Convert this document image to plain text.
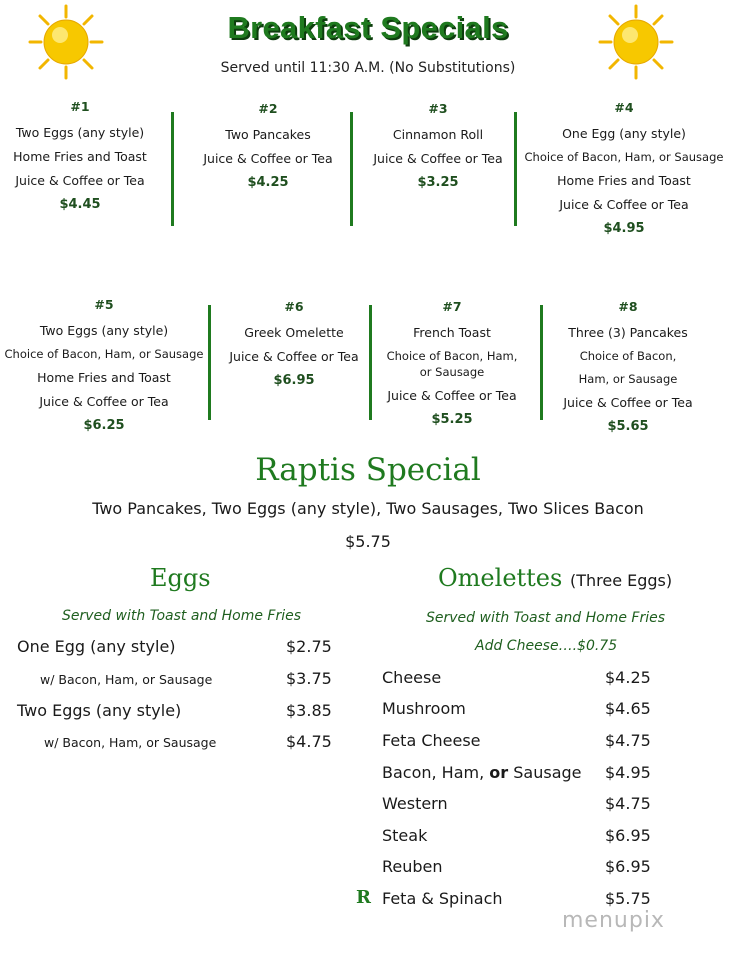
Breakfast Specials
Served until 11:30 A.M. (No Substitutions)
#1
Two Eggs (any style)
Home Fries and Toast
Juice & Coffee or Tea
$4.45
#2
Two Pancakes
Juice & Coffee or Tea
$4.25
#3
Cinnamon Roll
Juice & Coffee or Tea
$3.25
#4
One Egg (any style)
Choice of Bacon, Ham, or Sausage
Home Fries and Toast
Juice & Coffee or Tea
$4.95
#5
Two Eggs (any style)
Choice of Bacon, Ham, or Sausage
Home Fries and Toast
Juice & Coffee or Tea
$6.25
#6
Greek Omelette
Juice & Coffee or Tea
$6.95
#7
French Toast
Choice of Bacon, Ham,
or Sausage
Juice & Coffee or Tea
$5.25
#8
Three (3) Pancakes
Choice of Bacon,
Ham, or Sausage
Juice & Coffee or Tea
$5.65
Raptis Special
Two Pancakes, Two Eggs (any style), Two Sausages, Two Slices Bacon
$5.75
Eggs
Served with Toast and Home Fries
One Egg (any style)	$2.75
w/ Bacon, Ham, or Sausage	$3.75
Two Eggs (any style)	$3.85
w/ Bacon, Ham, or Sausage	$4.75
Omelettes (Three Eggs)
Served with Toast and Home Fries
Add Cheese….$0.75
Cheese	$4.25
Mushroom	$4.65
Feta Cheese	$4.75
Bacon, Ham, or Sausage $4.95
Western	$4.75
Steak	$6.95
Reuben	$6.95
R Feta & Spinach	$5.75
menupix
